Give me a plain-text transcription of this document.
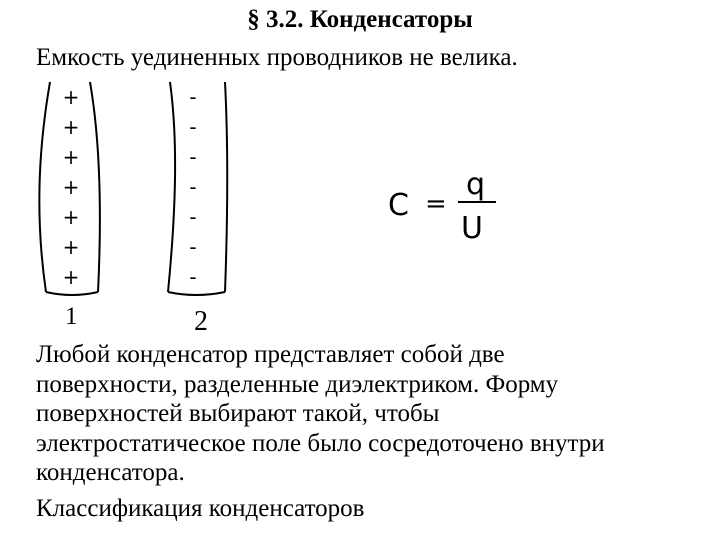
§ 3.2. Конденсаторы
Емкость уединенных проводников не велика.
+
+
+
+
+
+
+
-
-
-
-
-
-
-
1	2
C =
q
U
Любой конденсатор представляет собой две
поверхности, разделенные диэлектриком. Форму
поверхностей выбирают такой, чтобы
электростатическое поле было сосредоточено внутри
конденсатора.
Классификация конденсаторов
